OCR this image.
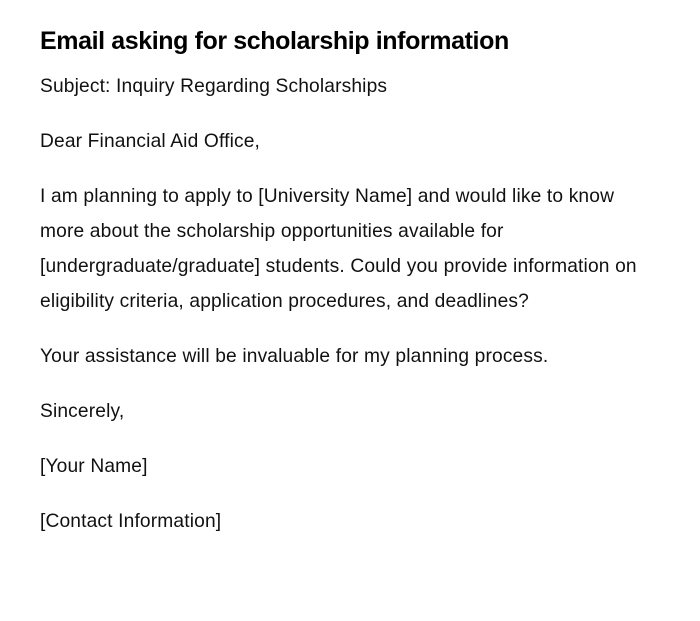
Email asking for scholarship information

Subject: Inquiry Regarding Scholarships

Dear Financial Aid Office,

I am planning to apply to [University Name] and would like to know more about the scholarship opportunities available for [undergraduate/graduate] students. Could you provide information on eligibility criteria, application procedures, and deadlines?

Your assistance will be invaluable for my planning process.

Sincerely,

[Your Name]

[Contact Information]
